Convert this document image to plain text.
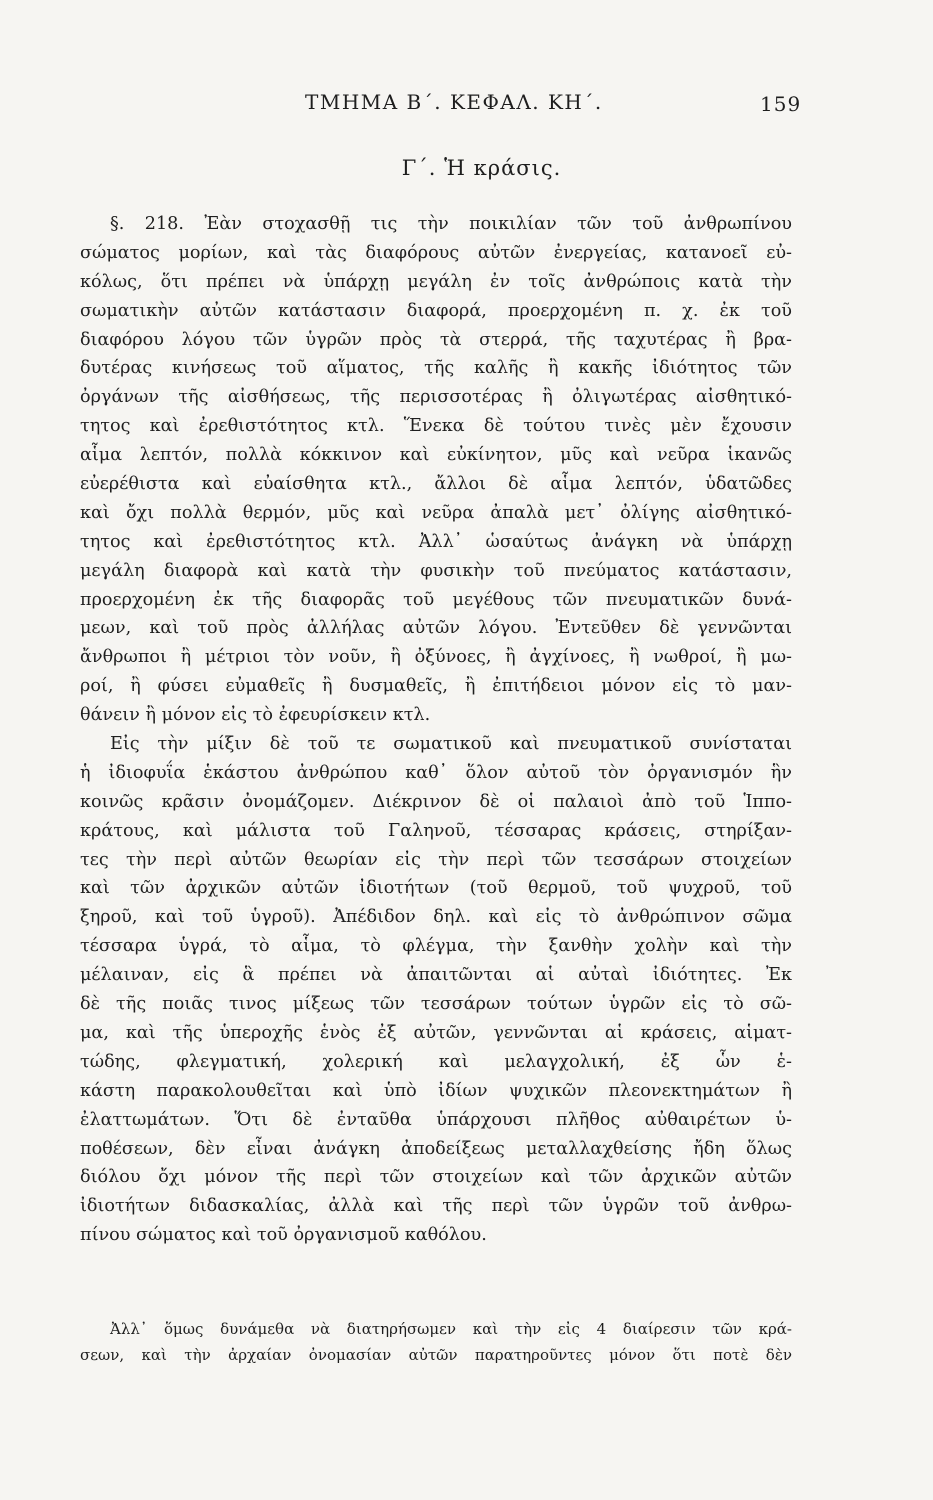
ΤΜΗΜΑ Β΄. ΚΕΦΑΛ. ΚΗ΄.	159
Γ΄. Ἡ κράσις.
§. 218. Ἐὰν στοχασθῇ τις τὴν ποικιλίαν τῶν τοῦ ἀνθρωπίνου
σώματος μορίων, καὶ τὰς διαφόρους αὐτῶν ἐνεργείας, κατανοεῖ εὐ-
κόλως, ὅτι πρέπει νὰ ὑπάρχῃ μεγάλη ἐν τοῖς ἀνθρώποις κατὰ τὴν
σωματικὴν αὐτῶν κατάστασιν διαφορά, προερχομένη π. χ. ἐκ τοῦ
διαφόρου λόγου τῶν ὑγρῶν πρὸς τὰ στερρά, τῆς ταχυτέρας ἢ βρα-
δυτέρας κινήσεως τοῦ αἵματος, τῆς καλῆς ἢ κακῆς ἰδιότητος τῶν
ὀργάνων τῆς αἰσθήσεως, τῆς περισσοτέρας ἢ ὀλιγωτέρας αἰσθητικό-
τητος καὶ ἐρεθιστότητος κτλ. Ἕνεκα δὲ τούτου τινὲς μὲν ἔχουσιν
αἷμα λεπτόν, πολλὰ κόκκινον καὶ εὐκίνητον, μῦς καὶ νεῦρα ἱκανῶς
εὐερέθιστα καὶ εὐαίσθητα κτλ., ἄλλοι δὲ αἷμα λεπτόν, ὑδατῶδες
καὶ ὄχι πολλὰ θερμόν, μῦς καὶ νεῦρα ἀπαλὰ μετ᾽ ὀλίγης αἰσθητικό-
τητος καὶ ἐρεθιστότητος κτλ. Ἀλλ᾽ ὡσαύτως ἀνάγκη νὰ ὑπάρχῃ
μεγάλη διαφορὰ καὶ κατὰ τὴν φυσικὴν τοῦ πνεύματος κατάστασιν,
προερχομένη ἐκ τῆς διαφορᾶς τοῦ μεγέθους τῶν πνευματικῶν δυνά-
μεων, καὶ τοῦ πρὸς ἀλλήλας αὐτῶν λόγου. Ἐντεῦθεν δὲ γεννῶνται
ἄνθρωποι ἢ μέτριοι τὸν νοῦν, ἢ ὀξύνοες, ἢ ἀγχίνοες, ἢ νωθροί, ἢ μω-
ροί, ἢ φύσει εὐμαθεῖς ἢ δυσμαθεῖς, ἢ ἐπιτήδειοι μόνον εἰς τὸ μαν-
θάνειν ἢ μόνον εἰς τὸ ἐφευρίσκειν κτλ.
Εἰς τὴν μίξιν δὲ τοῦ τε σωματικοῦ καὶ πνευματικοῦ συνίσταται
ἡ ἰδιοφυΐα ἑκάστου ἀνθρώπου καθ᾽ ὅλον αὐτοῦ τὸν ὀργανισμόν ἣν
κοινῶς κρᾶσιν ὀνομάζομεν. Διέκρινον δὲ οἱ παλαιοὶ ἀπὸ τοῦ Ἱππο-
κράτους, καὶ μάλιστα τοῦ Γαληνοῦ, τέσσαρας κράσεις, στηρίξαν-
τες τὴν περὶ αὐτῶν θεωρίαν εἰς τὴν περὶ τῶν τεσσάρων στοιχείων
καὶ τῶν ἀρχικῶν αὐτῶν ἰδιοτήτων (τοῦ θερμοῦ, τοῦ ψυχροῦ, τοῦ
ξηροῦ, καὶ τοῦ ὑγροῦ). Ἀπέδιδον δηλ. καὶ εἰς τὸ ἀνθρώπινον σῶμα
τέσσαρα ὑγρά, τὸ αἷμα, τὸ φλέγμα, τὴν ξανθὴν χολὴν καὶ τὴν
μέλαιναν, εἰς ἃ πρέπει νὰ ἀπαιτῶνται αἱ αὐταὶ ἰδιότητες. Ἐκ
δὲ τῆς ποιᾶς τινος μίξεως τῶν τεσσάρων τούτων ὑγρῶν εἰς τὸ σῶ-
μα, καὶ τῆς ὑπεροχῆς ἑνὸς ἐξ αὐτῶν, γεννῶνται αἱ κράσεις, αἱματ-
τώδης, φλεγματική, χολερική καὶ μελαγχολική, ἐξ ὧν ἑ-
κάστη παρακολουθεῖται καὶ ὑπὸ ἰδίων ψυχικῶν πλεονεκτημάτων ἢ
ἐλαττωμάτων. Ὅτι δὲ ἐνταῦθα ὑπάρχουσι πλῆθος αὐθαιρέτων ὑ-
ποθέσεων, δὲν εἶναι ἀνάγκη ἀποδείξεως μεταλλαχθείσης ἤδη ὅλως
διόλου ὄχι μόνον τῆς περὶ τῶν στοιχείων καὶ τῶν ἀρχικῶν αὐτῶν
ἰδιοτήτων διδασκαλίας, ἀλλὰ καὶ τῆς περὶ τῶν ὑγρῶν τοῦ ἀνθρω-
πίνου σώματος καὶ τοῦ ὀργανισμοῦ καθόλου.
Ἀλλ᾽ ὅμως δυνάμεθα νὰ διατηρήσωμεν καὶ τὴν εἰς 4 διαίρεσιν τῶν κρά-
σεων, καὶ τὴν ἀρχαίαν ὀνομασίαν αὐτῶν παρατηροῦντες μόνον ὅτι ποτὲ δὲν
